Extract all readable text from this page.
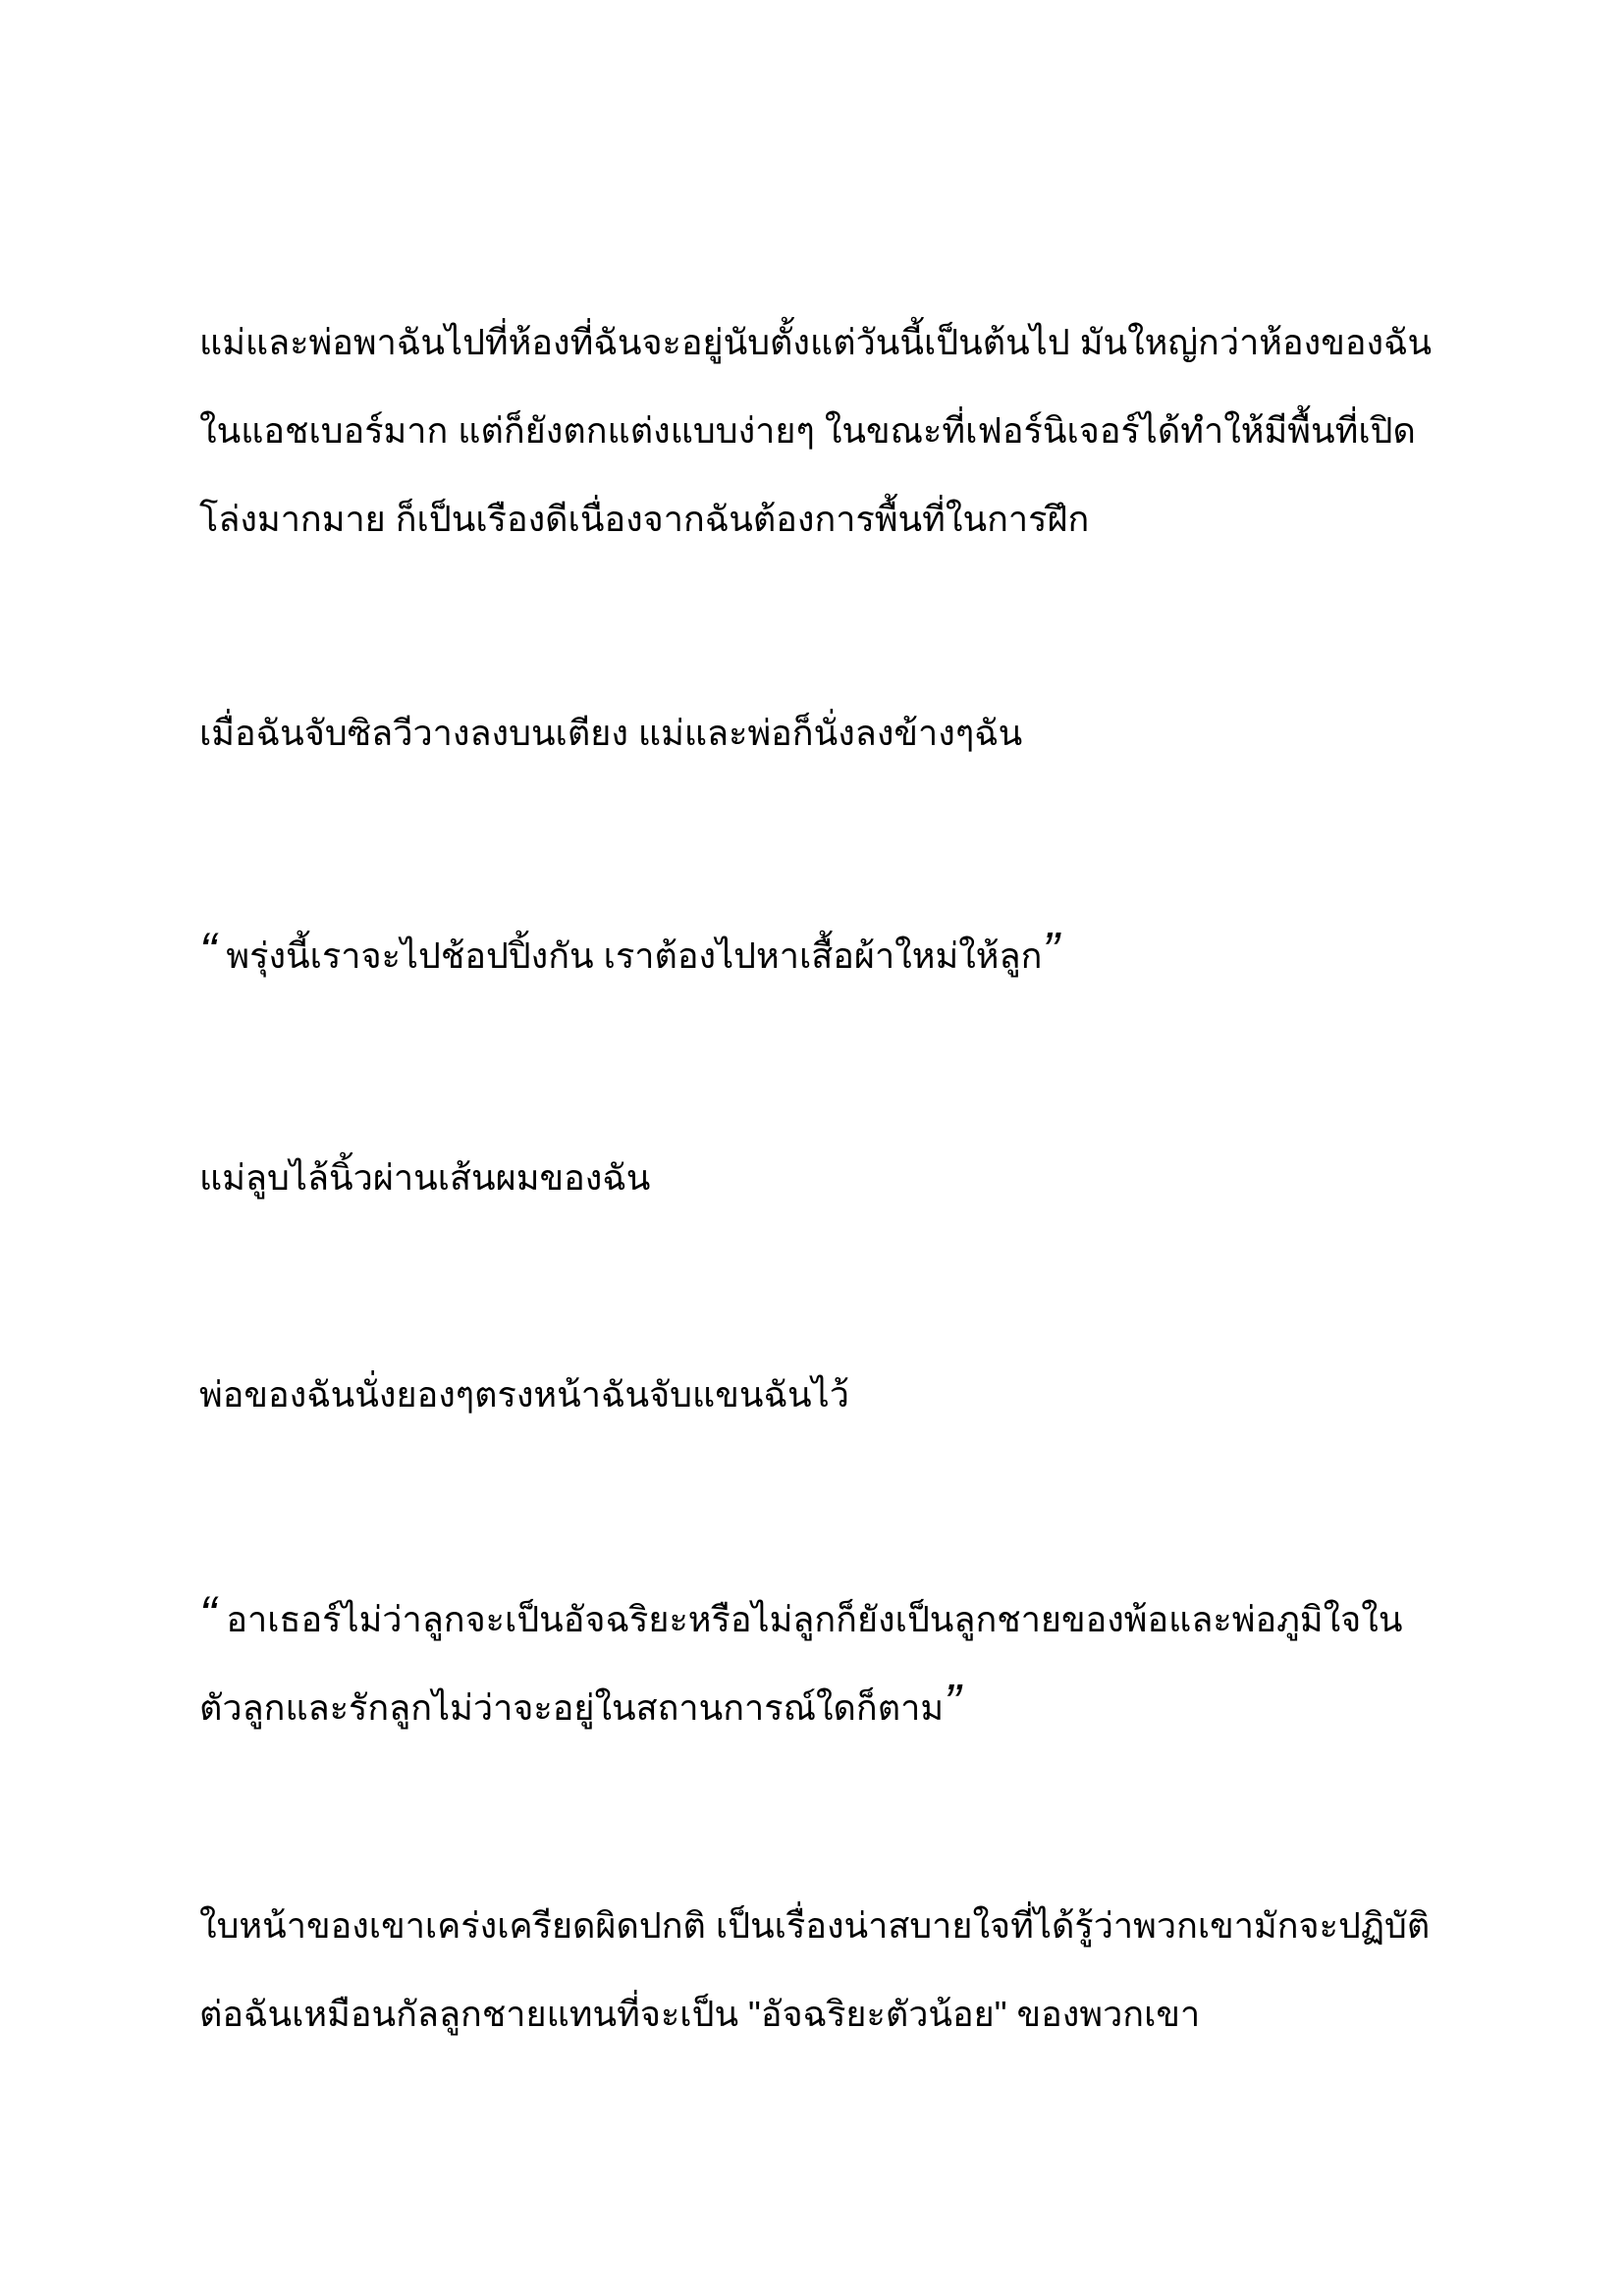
แม่และพ่อพาฉันไปที่ห้องที่ฉันจะอยู่นับตั้งแต่วันนี้เป็นต้นไป มันใหญ่กว่าห้องของฉัน
ในแอชเบอร์มาก แต่ก็ยังตกแต่งแบบง่ายๆ ในขณะที่เฟอร์นิเจอร์ได้ทำให้มีพื้นที่เปิด
โล่งมากมาย ก็เป็นเรืองดีเนื่องจากฉันต้องการพื้นที่ในการฝึก
เมื่อฉันจับซิลวีวางลงบนเตียง แม่และพ่อก็นั่งลงข้างๆฉัน
“ พรุ่งนี้เราจะไปช้อปปิ้งกัน เราต้องไปหาเสื้อผ้าใหม่ให้ลูก”
แม่ลูบไล้นิ้วผ่านเส้นผมของฉัน
พ่อของฉันนั่งยองๆตรงหน้าฉันจับแขนฉันไว้
“ อาเธอร์ไม่ว่าลูกจะเป็นอัจฉริยะหรือไม่ลูกก็ยังเป็นลูกชายของพ้อและพ่อภูมิใจใน
ตัวลูกและรักลูกไม่ว่าจะอยู่ในสถานการณ์ใดก็ตาม”
ใบหน้าของเขาเคร่งเครียดผิดปกติ เป็นเรื่องน่าสบายใจที่ได้รู้ว่าพวกเขามักจะปฏิบัติ
ต่อฉันเหมือนกัลลูกชายแทนที่จะเป็น "อัจฉริยะตัวน้อย" ของพวกเขา
